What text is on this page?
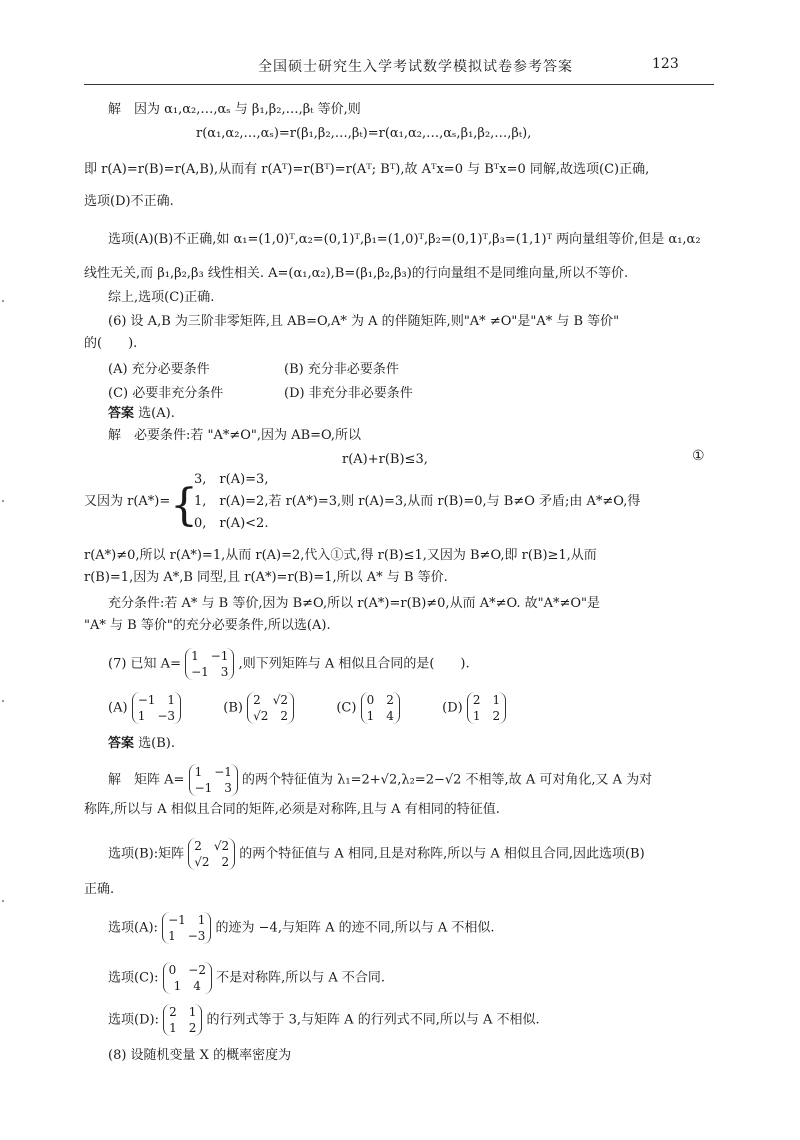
全国硕士研究生入学考试数学模拟试卷参考答案	123
解　因为 α₁,α₂,…,αₛ 与 β₁,β₂,…,βₜ 等价,则
r(α₁,α₂,…,αₛ)=r(β₁,β₂,…,βₜ)=r(α₁,α₂,…,αₛ,β₁,β₂,…,βₜ),
即 r(A)=r(B)=r(A,B),从而有 r(Aᵀ)=r(Bᵀ)=r(Aᵀ; Bᵀ),故 Aᵀx=0 与 Bᵀx=0 同解,故选项(C)正确,
选项(D)不正确.
选项(A)(B)不正确,如 α₁=(1,0)ᵀ,α₂=(0,1)ᵀ,β₁=(1,0)ᵀ,β₂=(0,1)ᵀ,β₃=(1,1)ᵀ 两向量组等价,但是 α₁,α₂
线性无关,而 β₁,β₂,β₃ 线性相关. A=(α₁,α₂),B=(β₁,β₂,β₃)的行向量组不是同维向量,所以不等价.
综上,选项(C)正确.
(6) 设 A,B 为三阶非零矩阵,且 AB=O,A* 为 A 的伴随矩阵,则"A* ≠O"是"A* 与 B 等价"
的(　　).
(A) 充分必要条件	(B) 充分非必要条件
(C) 必要非充分条件	(D) 非充分非必要条件
答案 选(A).
解　必要条件:若 "A*≠O",因为 AB=O,所以
r(A)+r(B)≤3,	①
又因为 r(A*)= {
3,　r(A)=3,
1,　r(A)=2,若 r(A*)=3,则 r(A)=3,从而 r(B)=0,与 B≠O 矛盾;由 A*≠O,得
0,　r(A)<2.
r(A*)≠0,所以 r(A*)=1,从而 r(A)=2,代入①式,得 r(B)≤1,又因为 B≠O,即 r(B)≥1,从而
r(B)=1,因为 A*,B 同型,且 r(A*)=r(B)=1,所以 A* 与 B 等价.
充分条件:若 A* 与 B 等价,因为 B≠O,所以 r(A*)=r(B)≠0,从而 A*≠O. 故"A*≠O"是
"A* 与 B 等价"的充分必要条件,所以选(A).
(7) 已知 A=
1　−1
−1　3
,则下列矩阵与 A 相似且合同的是(　　).
(A)
−1　1
1　−3
(B)
2　√2
√2　2
(C)
0　2
1　4
(D)
2　1
1　2
答案 选(B).
解　矩阵 A=
1　−1
−1　3
的两个特征值为 λ₁=2+√2,λ₂=2−√2 不相等,故 A 可对角化,又 A 为对
称阵,所以与 A 相似且合同的矩阵,必须是对称阵,且与 A 有相同的特征值.
选项(B):矩阵
2　√2
√2　2
的两个特征值与 A 相同,且是对称阵,所以与 A 相似且合同,因此选项(B)
正确.
选项(A):
−1　1
1　−3
的迹为 −4,与矩阵 A 的迹不同,所以与 A 不相似.
选项(C):
0　−2
1　4
不是对称阵,所以与 A 不合同.
选项(D):
2　1
1　2
的行列式等于 3,与矩阵 A 的行列式不同,所以与 A 不相似.
(8) 设随机变量 X 的概率密度为
